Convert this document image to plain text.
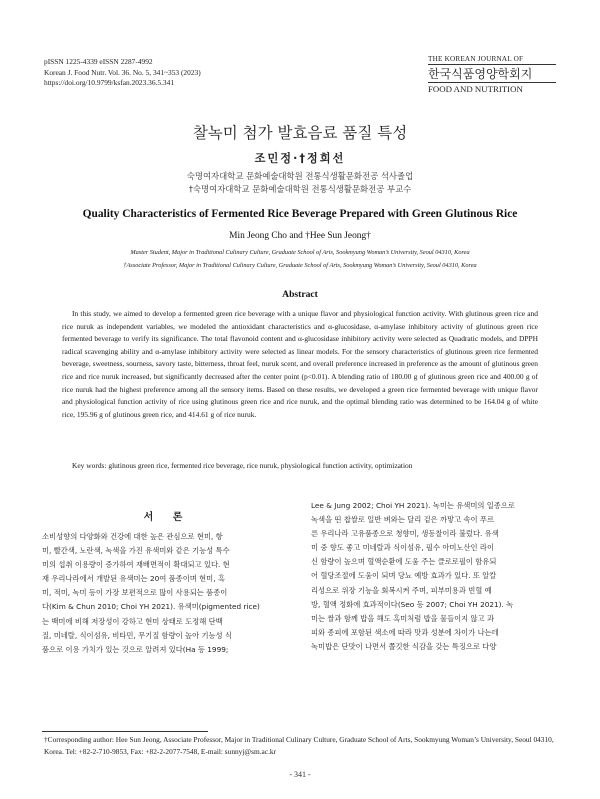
pISSN 1225-4339 eISSN 2287-4992
Korean J. Food Nutr. Vol. 36. No. 5, 341~353 (2023)
https://doi.org/10.9799/ksfan.2023.36.5.341
THE KOREAN JOURNAL OF
한국식품영양학회지
FOOD AND NUTRITION
찰녹미 첨가 발효음료 품질 특성
조민정·†정희선
숙명여자대학교 문화예술대학원 전통식생활문화전공 석사졸업
†숙명여자대학교 문화예술대학원 전통식생활문화전공 부교수
Quality Characteristics of Fermented Rice Beverage Prepared with Green Glutinous Rice
Min Jeong Cho and †Hee Sun Jeong†
Master Student, Major in Traditional Culinary Culture, Graduate School of Arts, Sookmyung Woman’s University, Seoul 04310, Korea
†Associate Professor, Major in Traditional Culinary Culture, Graduate School of Arts, Sookmyung Woman’s University, Seoul 04310, Korea
Abstract
In this study, we aimed to develop a fermented green rice beverage with a unique flavor and physiological function activity. With glutinous green rice and rice nuruk as independent variables, we modeled the antioxidant characteristics and α-glucosidase, α-amylase inhibitory activity of glutinous green rice fermented beverage to verify its significance. The total flavonoid content and α-glucosidase inhibitory activity were selected as Quadratic models, and DPPH radical scavenging ability and α-amylase inhibitory activity were selected as linear models. For the sensory characteristics of glutinous green rice fermented beverage, sweetness, sourness, savory taste, bitterness, throat feel, nuruk scent, and overall preference increased in preference as the amount of glutinous green rice and rice nuruk increased, but significantly decreased after the center point (p<0.01). A blending ratio of 180.00 g of glutinous green rice and 400.00 g of rice nuruk had the highest preference among all the sensory items. Based on these results, we developed a green rice fermented beverage with unique flavor and physiological function activity of rice using glutinous green rice and rice nuruk, and the optimal blending ratio was determined to be 164.04 g of white rice, 195.96 g of glutinous green rice, and 414.61 g of rice nuruk.
Key words: glutinous green rice, fermented rice beverage, rice nuruk, physiological function activity, optimization
서 론
소비성향의 다양화와 건강에 대한 높은 관심으로 현미, 항
미, 빨간색, 노란색, 녹색을 가진 유색미와 같은 기능성 특수
미의 섭취 이용량이 증가하여 재배면적이 확대되고 있다. 현
재 우리나라에서 개발된 유색미는 20여 품종이며 현미, 흑
미, 적미, 녹미 등이 가장 보편적으로 많이 사용되는 품종이
다(Kim & Chun 2010; Choi YH 2021). 유색미(pigmented rice)
는 백미에 비해 저장성이 강하고 현미 상태로 도정해 단백
질, 미네랄, 식이섬유, 비타민, 무기질 함량이 높아 기능성 식
품으로 이용 가치가 있는 것으로 알려져 있다(Ha 등 1999;
Lee & Jung 2002; Choi YH 2021). 녹미는 유색미의 일종으로
녹색을 띤 찹쌀로 일반 벼와는 달리 겉은 까맣고 속이 푸르
른 우리나라 고유품종으로 청향미, 생동찰이라 불렀다. 유색
미 중 향도 좋고 미네랄과 식이섬유, 필수 아미노산인 라이
신 함량이 높으며 혈액순환에 도움 주는 클로로필이 함유되
어 혈당조절에 도움이 되며 당뇨 예방 효과가 있다. 또 알칼
리성으로 위장 기능을 회복시켜 주며, 피부미용과 빈혈 예
방, 혈액 정화에 효과적이다(Seo 등 2007; Choi YH 2021). 녹
미는 쌀과 함께 밥을 해도 흑미처럼 밥을 물들이지 않고 과
피와 종피에 포함된 색소에 따라 맛과 성분에 차이가 나는데
녹미밥은 단맛이 나면서 쫄깃한 식감을 갖는 특징으로 다양
†Corresponding author: Hee Sun Jeong, Associate Professor, Major in Traditional Culinary Culture, Graduate School of Arts, Sookmyung Woman’s University, Seoul 04310, Korea. Tel: +82-2-710-9853, Fax: +82-2-2077-7548, E-mail: sunnyj@sm.ac.kr
- 341 -
